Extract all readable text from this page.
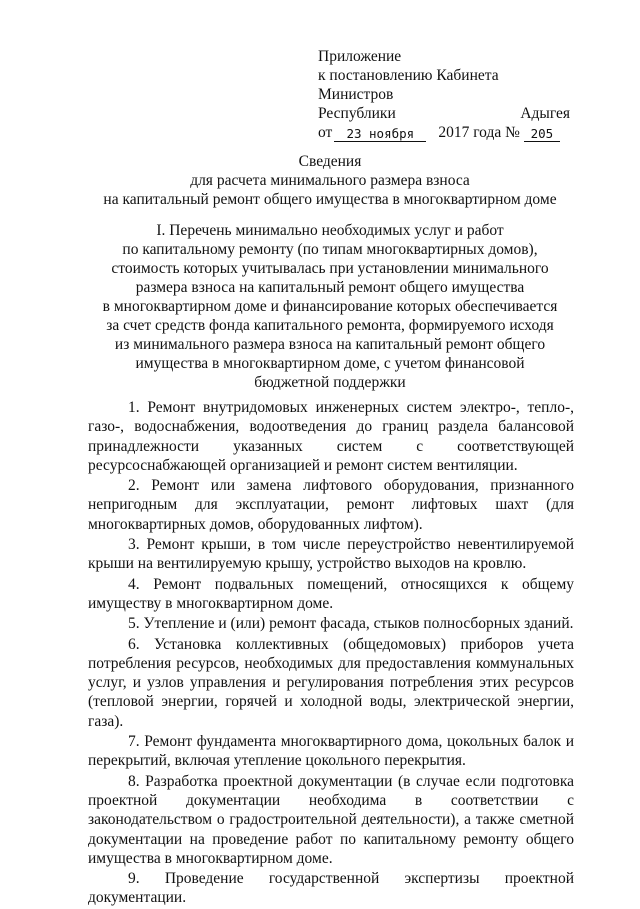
Приложение
к постановлению Кабинета Министров
Республики	Адыгея
от	23 ноября	2017 года № 205
Сведения
для расчета минимального размера взноса
на капитальный ремонт общего имущества в многоквартирном доме
I. Перечень минимально необходимых услуг и работ
по капитальному ремонту (по типам многоквартирных домов),
стоимость которых учитывалась при установлении минимального
размера взноса на капитальный ремонт общего имущества
в многоквартирном доме и финансирование которых обеспечивается
за счет средств фонда капитального ремонта, формируемого исходя
из минимального размера взноса на капитальный ремонт общего
имущества в многоквартирном доме, с учетом финансовой
бюджетной поддержки

1. Ремонт внутридомовых инженерных систем электро-, тепло-, газо-, водоснабжения, водоотведения до границ раздела балансовой принадлежности указанных систем с соответствующей ресурсоснабжающей организацией и ремонт систем вентиляции.

2. Ремонт или замена лифтового оборудования, признанного непригодным для эксплуатации, ремонт лифтовых шахт (для многоквартирных домов, оборудованных лифтом).

3. Ремонт крыши, в том числе переустройство невентилируемой крыши на вентилируемую крышу, устройство выходов на кровлю.

4. Ремонт подвальных помещений, относящихся к общему имуществу в многоквартирном доме.

5. Утепление и (или) ремонт фасада, стыков полносборных зданий.

6. Установка коллективных (общедомовых) приборов учета потребления ресурсов, необходимых для предоставления коммунальных услуг, и узлов управления и регулирования потребления этих ресурсов (тепловой энергии, горячей и холодной воды, электрической энергии, газа).

7. Ремонт фундамента многоквартирного дома, цокольных балок и перекрытий, включая утепление цокольного перекрытия.

8. Разработка проектной документации (в случае если подготовка проектной документации необходима в соответствии с законодательством о градостроительной деятельности), а также сметной документации на проведение работ по капитальному ремонту общего имущества в многоквартирном доме.

9. Проведение государственной экспертизы проектной документации.
